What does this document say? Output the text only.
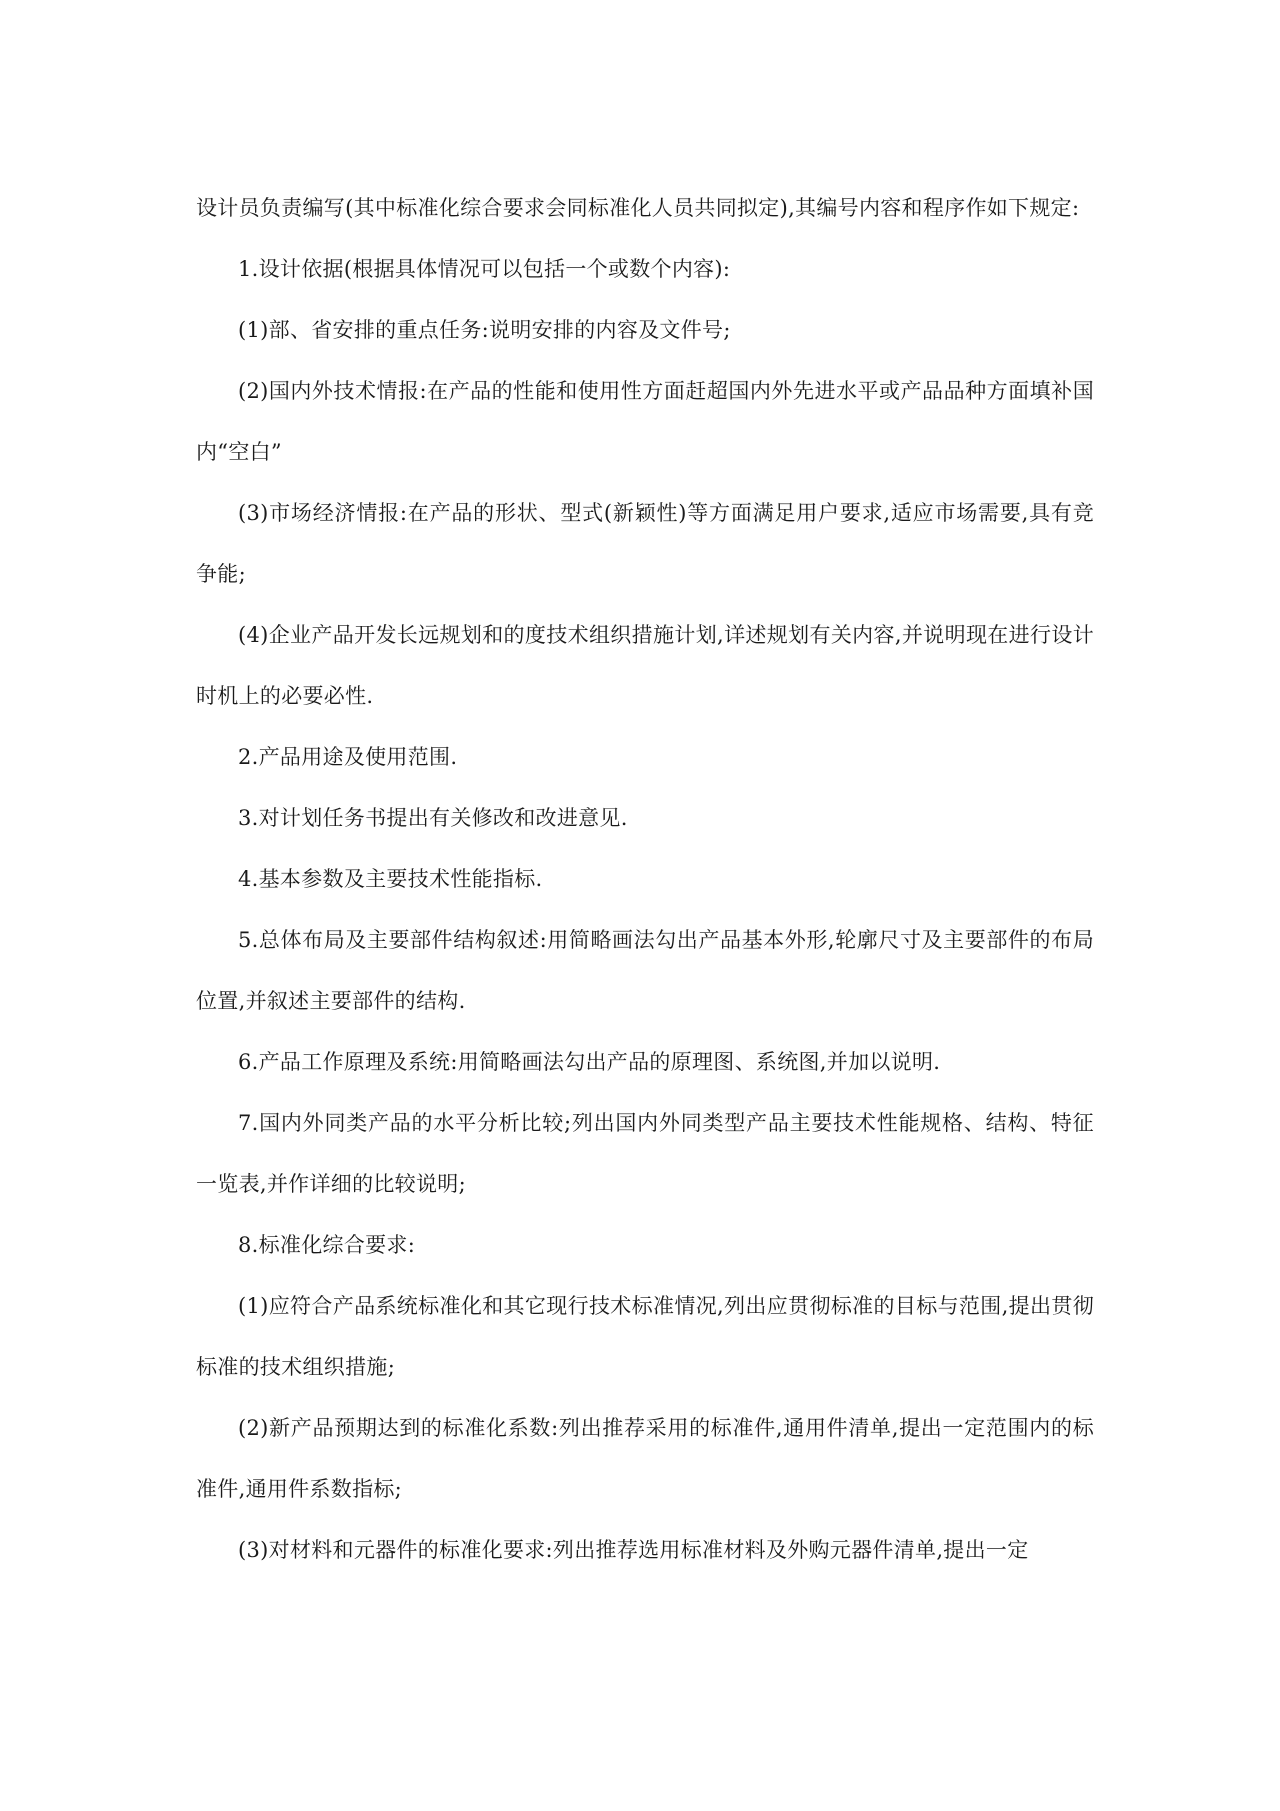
设计员负责编写(其中标准化综合要求会同标准化人员共同拟定),其编号内容和程序作如下规定:

1.设计依据(根据具体情况可以包括一个或数个内容):

(1)部、省安排的重点任务:说明安排的内容及文件号;

(2)国内外技术情报:在产品的性能和使用性方面赶超国内外先进水平或产品品种方面填补国内“空白”

(3)市场经济情报:在产品的形状、型式(新颖性)等方面满足用户要求,适应市场需要,具有竞争能;

(4)企业产品开发长远规划和的度技术组织措施计划,详述规划有关内容,并说明现在进行设计时机上的必要必性.

2.产品用途及使用范围.

3.对计划任务书提出有关修改和改进意见.

4.基本参数及主要技术性能指标.

5.总体布局及主要部件结构叙述:用简略画法勾出产品基本外形,轮廓尺寸及主要部件的布局位置,并叙述主要部件的结构.

6.产品工作原理及系统:用简略画法勾出产品的原理图、系统图,并加以说明.

7.国内外同类产品的水平分析比较;列出国内外同类型产品主要技术性能规格、结构、特征一览表,并作详细的比较说明;

8.标准化综合要求:

(1)应符合产品系统标准化和其它现行技术标准情况,列出应贯彻标准的目标与范围,提出贯彻标准的技术组织措施;

(2)新产品预期达到的标准化系数:列出推荐采用的标准件,通用件清单,提出一定范围内的标准件,通用件系数指标;

(3)对材料和元器件的标准化要求:列出推荐选用标准材料及外购元器件清单,提出一定
